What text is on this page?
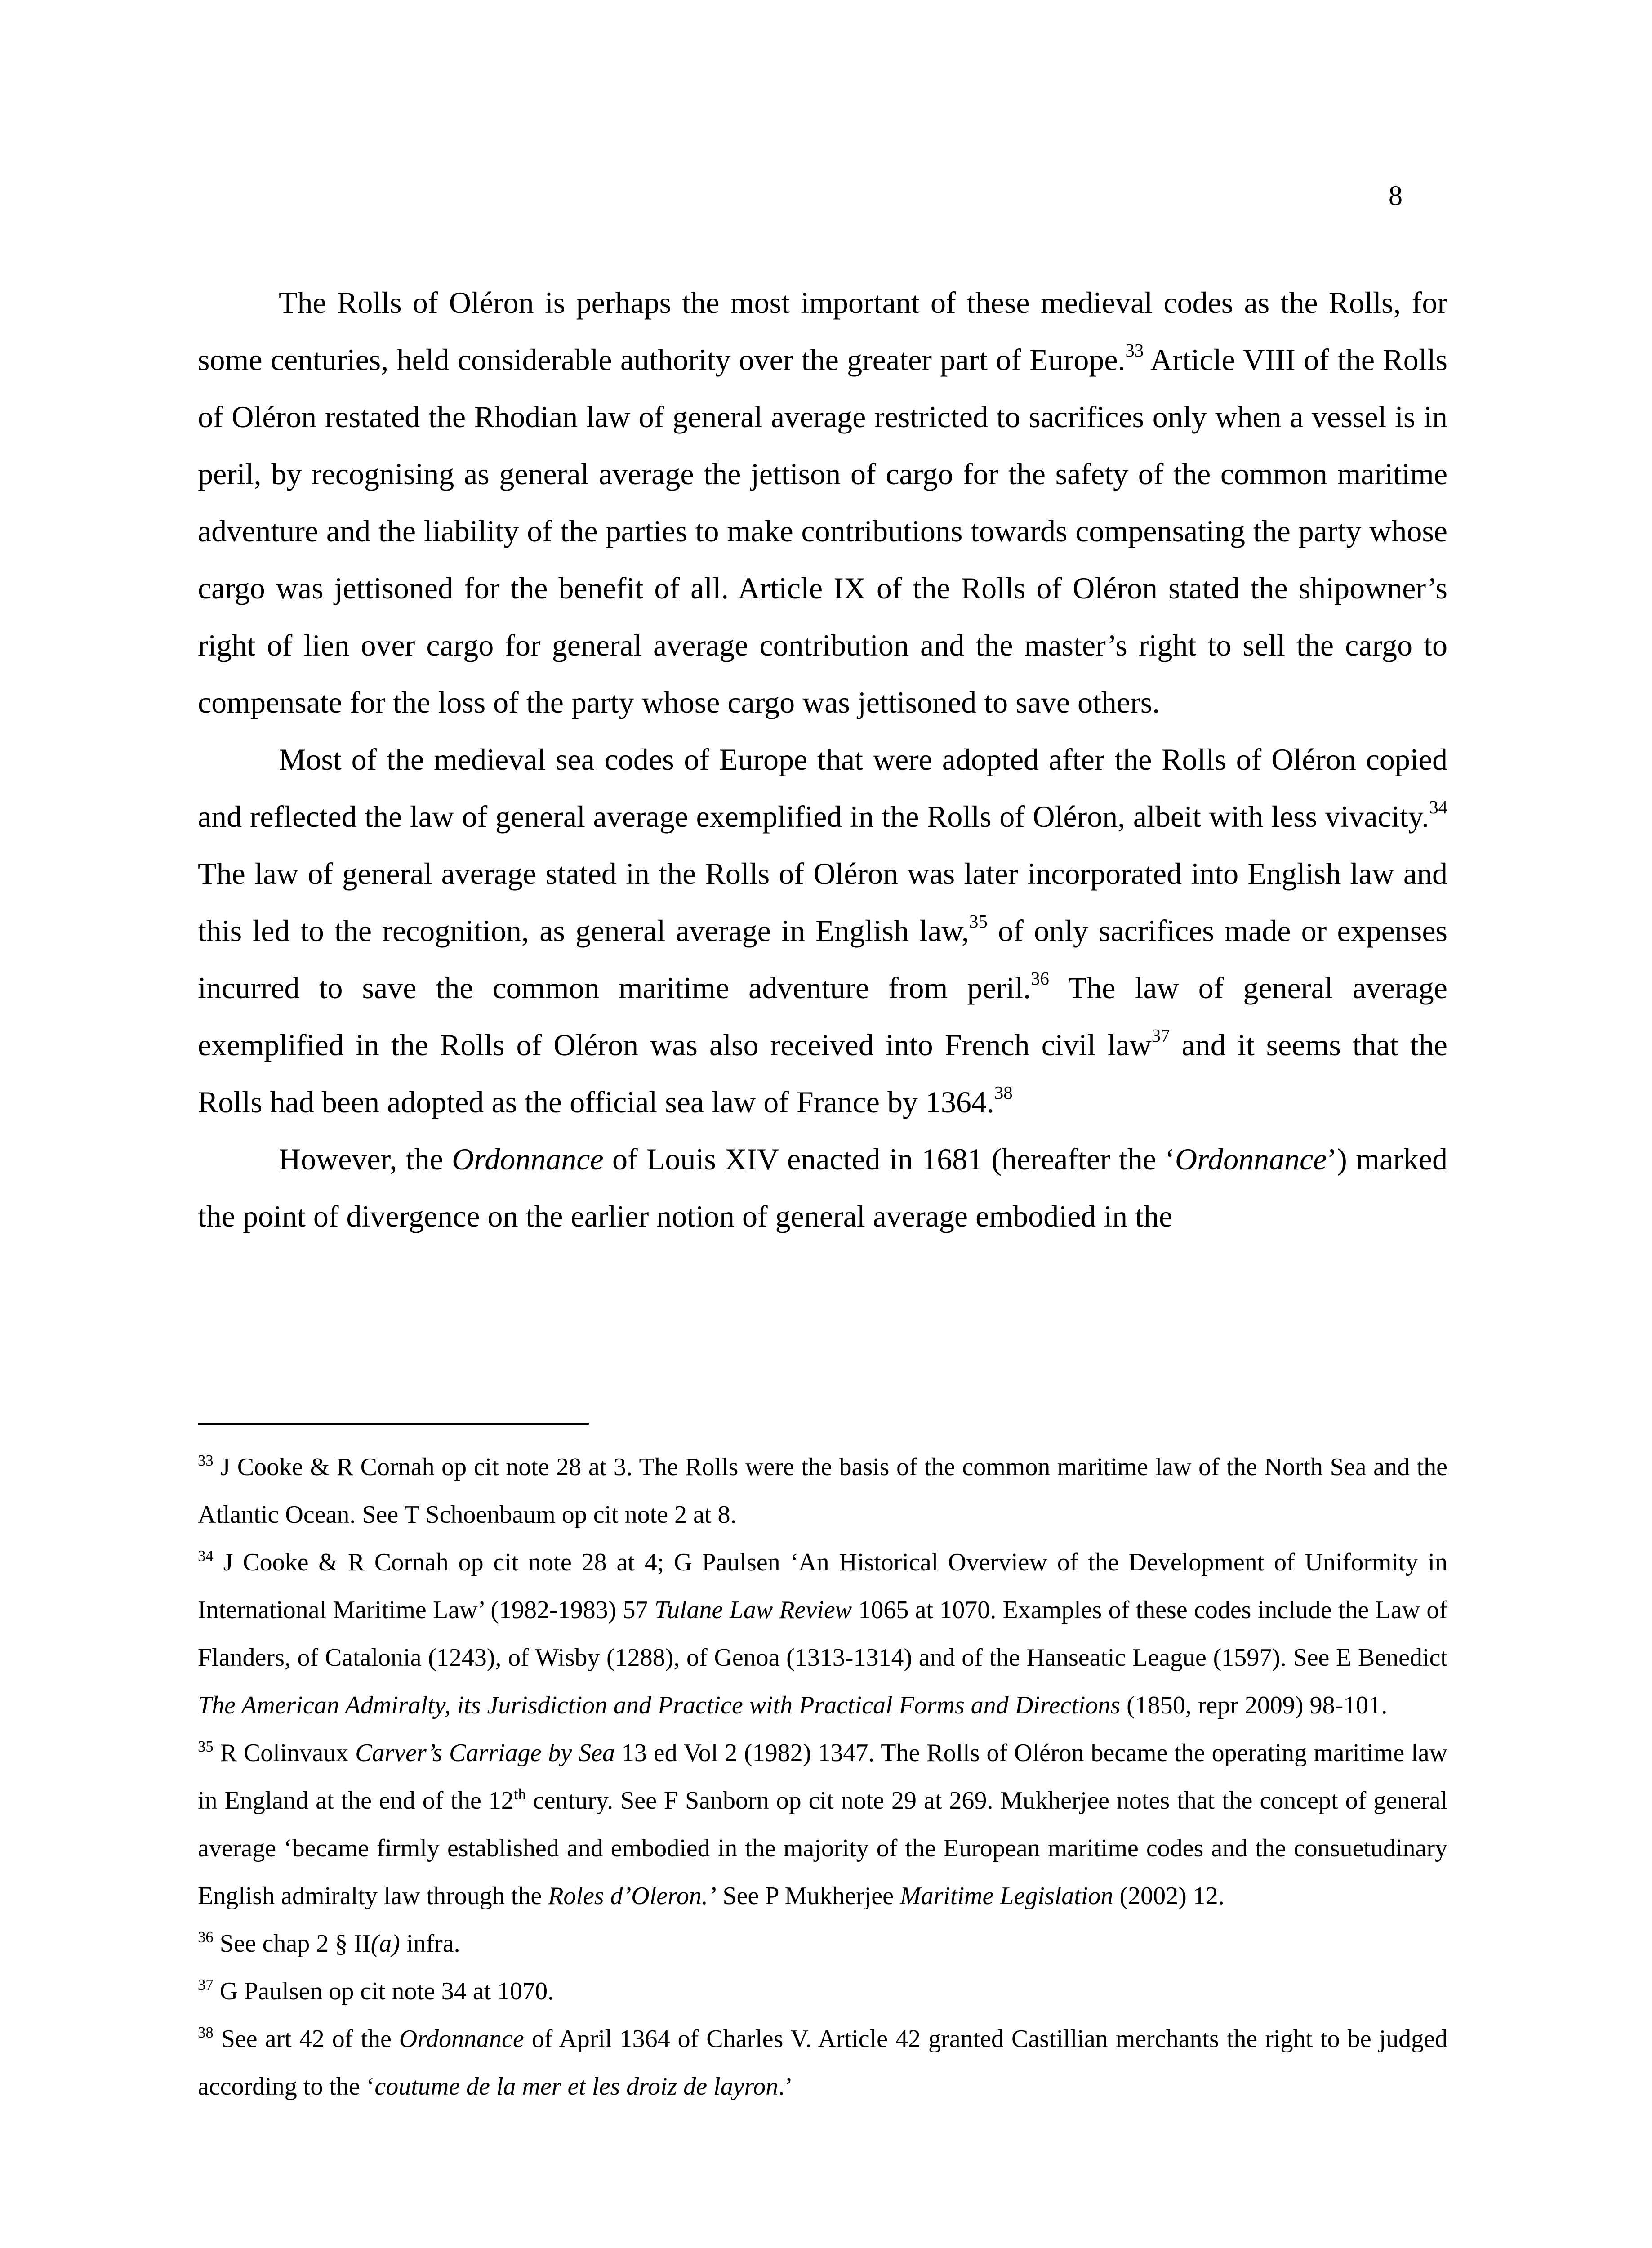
8

The Rolls of Oléron is perhaps the most important of these medieval codes as the Rolls, for some centuries, held considerable authority over the greater part of Europe.$^{33}$ Article VIII of the Rolls of Oléron restated the Rhodian law of general average restricted to sacrifices only when a vessel is in peril, by recognising as general average the jettison of cargo for the safety of the common maritime adventure and the liability of the parties to make contributions towards compensating the party whose cargo was jettisoned for the benefit of all. Article IX of the Rolls of Oléron stated the shipowner’s right of lien over cargo for general average contribution and the master’s right to sell the cargo to compensate for the loss of the party whose cargo was jettisoned to save others.

Most of the medieval sea codes of Europe that were adopted after the Rolls of Oléron copied and reflected the law of general average exemplified in the Rolls of Oléron, albeit with less vivacity.$^{34}$ The law of general average stated in the Rolls of Oléron was later incorporated into English law and this led to the recognition, as general average in English law,$^{35}$ of only sacrifices made or expenses incurred to save the common maritime adventure from peril.$^{36}$ The law of general average exemplified in the Rolls of Oléron was also received into French civil law$^{37}$ and it seems that the Rolls had been adopted as the official sea law of France by 1364.38

However, the Ordonnance of Louis XIV enacted in 1681 (hereafter the ‘Ordonnance’) marked the point of divergence on the earlier notion of general average embodied in the

$^{33}$ J Cooke & R Cornah op cit note 28 at 3. The Rolls were the basis of the common maritime law of the North Sea and the Atlantic Ocean. See T Schoenbaum op cit note 2 at 8.

$^{34}$ J Cooke & R Cornah op cit note 28 at 4; G Paulsen ‘An Historical Overview of the Development of Uniformity in International Maritime Law’ (1982-1983) 57 Tulane Law Review 1065 at 1070. Examples of these codes include the Law of Flanders, of Catalonia (1243), of Wisby (1288), of Genoa (1313-1314) and of the Hanseatic League (1597). See E Benedict The American Admiralty, its Jurisdiction and Practice with Practical Forms and Directions (1850, repr 2009) 98-101.

$^{35}$ R Colinvaux Carver’s Carriage by Sea 13 ed Vol 2 (1982) 1347. The Rolls of Oléron became the operating maritime law in England at the end of the 12th century. See F Sanborn op cit note 29 at 269. Mukherjee notes that the concept of general average ‘became firmly established and embodied in the majority of the European maritime codes and the consuetudinary English admiralty law through the Roles d’Oleron.’ See P Mukherjee Maritime Legislation (2002) 12.

$^{36}$ See chap 2 § II(a) infra.

$^{37}$ G Paulsen op cit note 34 at 1070.

$^{38}$ See art 42 of the Ordonnance of April 1364 of Charles V. Article 42 granted Castillian merchants the right to be judged according to the ‘coutume de la mer et les droiz de layron.’
